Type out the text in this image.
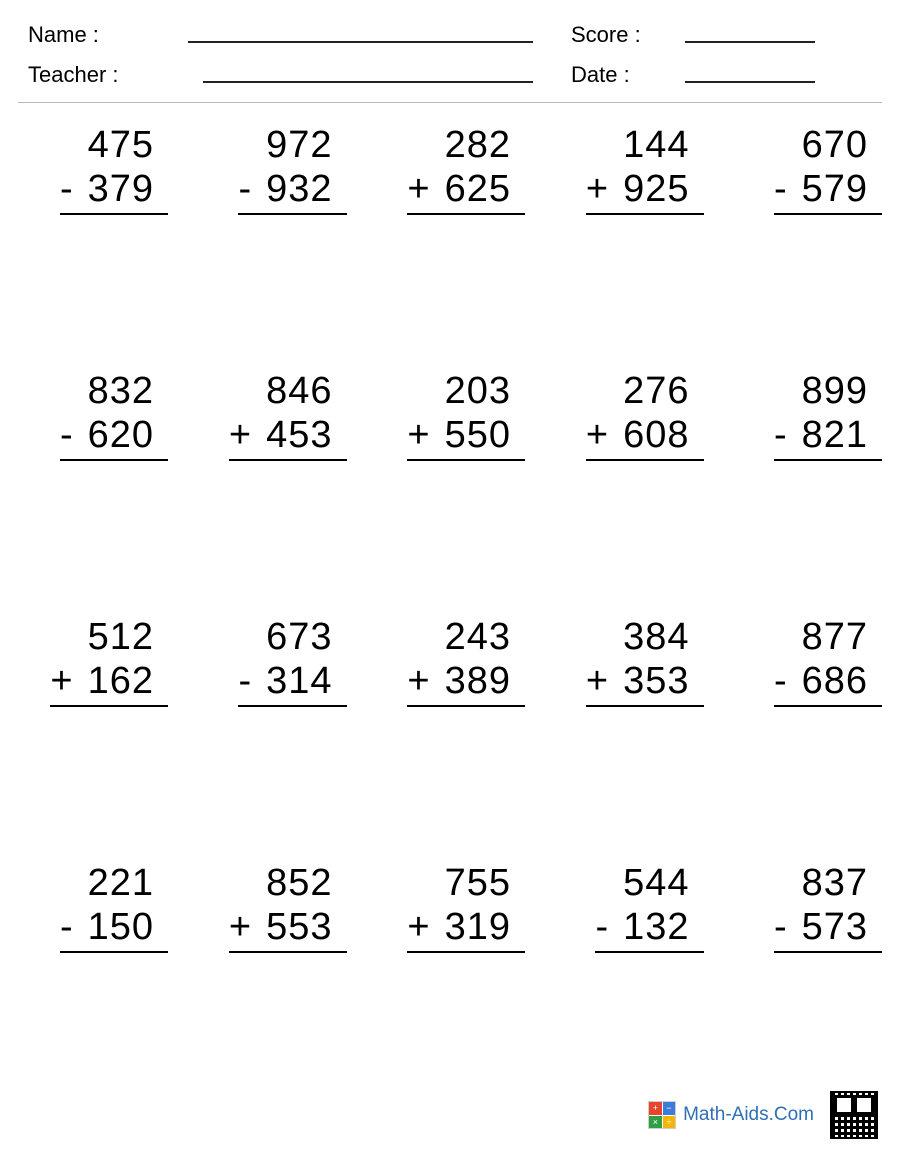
Name :	Score :
Teacher :	Date :
475
- 379
972
- 932
282
+ 625
144
+ 925
670
- 579
832
- 620
846
+ 453
203
+ 550
276
+ 608
899
- 821
512
+ 162
673
- 314
243
+ 389
384
+ 353
877
- 686
221
- 150
852
+ 553
755
+ 319
544
- 132
837
- 573
+ −
× ÷ Math-Aids.Com
